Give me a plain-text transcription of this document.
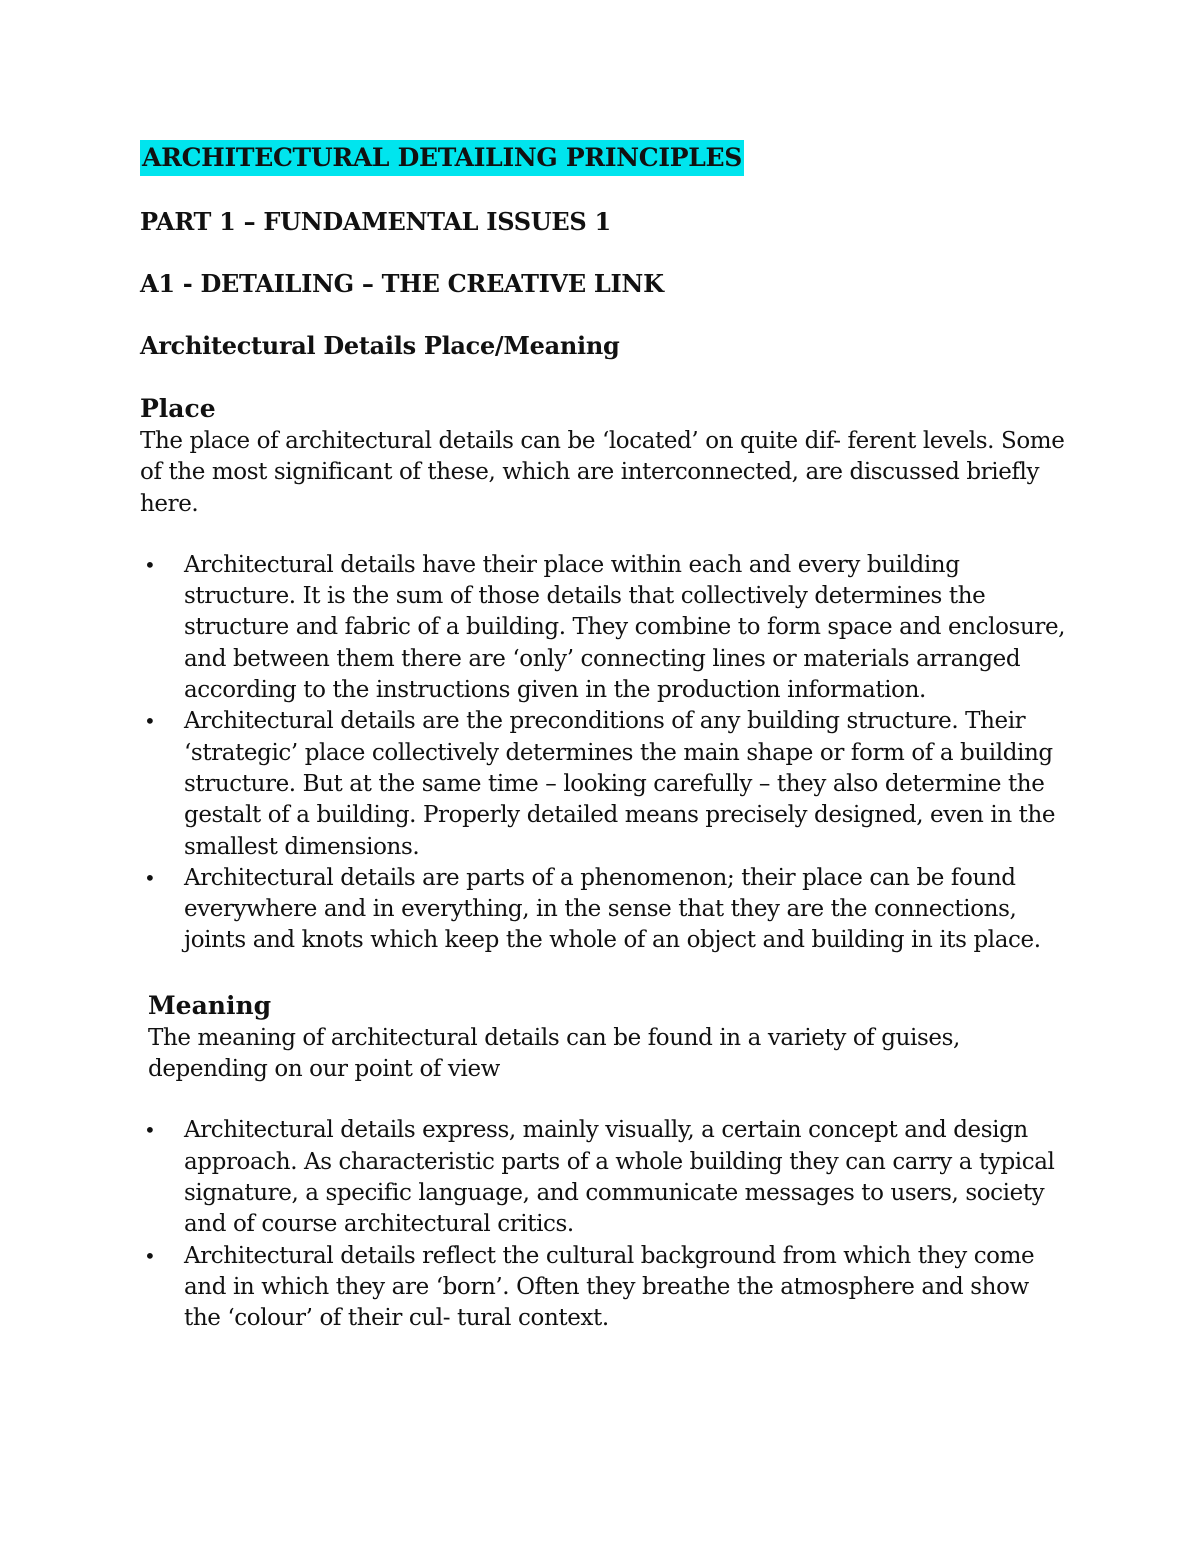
ARCHITECTURAL DETAILING PRINCIPLES
PART 1 – FUNDAMENTAL ISSUES 1
A1 - DETAILING – THE CREATIVE LINK
Architectural Details Place/Meaning
Place

The place of architectural details can be ‘located’ on quite dif- ferent levels. Some of the most significant of these, which are interconnected, are discussed briefly here.

• Architectural details have their place within each and every building structure. It is the sum of those details that collectively determines the structure and fabric of a building. They combine to form space and enclosure, and between them there are ‘only’ connecting lines or materials arranged according to the instructions given in the production information.
• Architectural details are the preconditions of any building structure. Their ‘strategic’ place collectively determines the main shape or form of a building structure. But at the same time – looking carefully – they also determine the gestalt of a building. Properly detailed means precisely designed, even in the smallest dimensions.
• Architectural details are parts of a phenomenon; their place can be found everywhere and in everything, in the sense that they are the connections, joints and knots which keep the whole of an object and building in its place.
Meaning

The meaning of architectural details can be found in a variety of guises, depending on our point of view

• Architectural details express, mainly visually, a certain concept and design approach. As characteristic parts of a whole building they can carry a typical signature, a specific language, and communicate messages to users, society and of course architectural critics.
• Architectural details reflect the cultural background from which they come and in which they are ‘born’. Often they breathe the atmosphere and show the ‘colour’ of their cul- tural context.
